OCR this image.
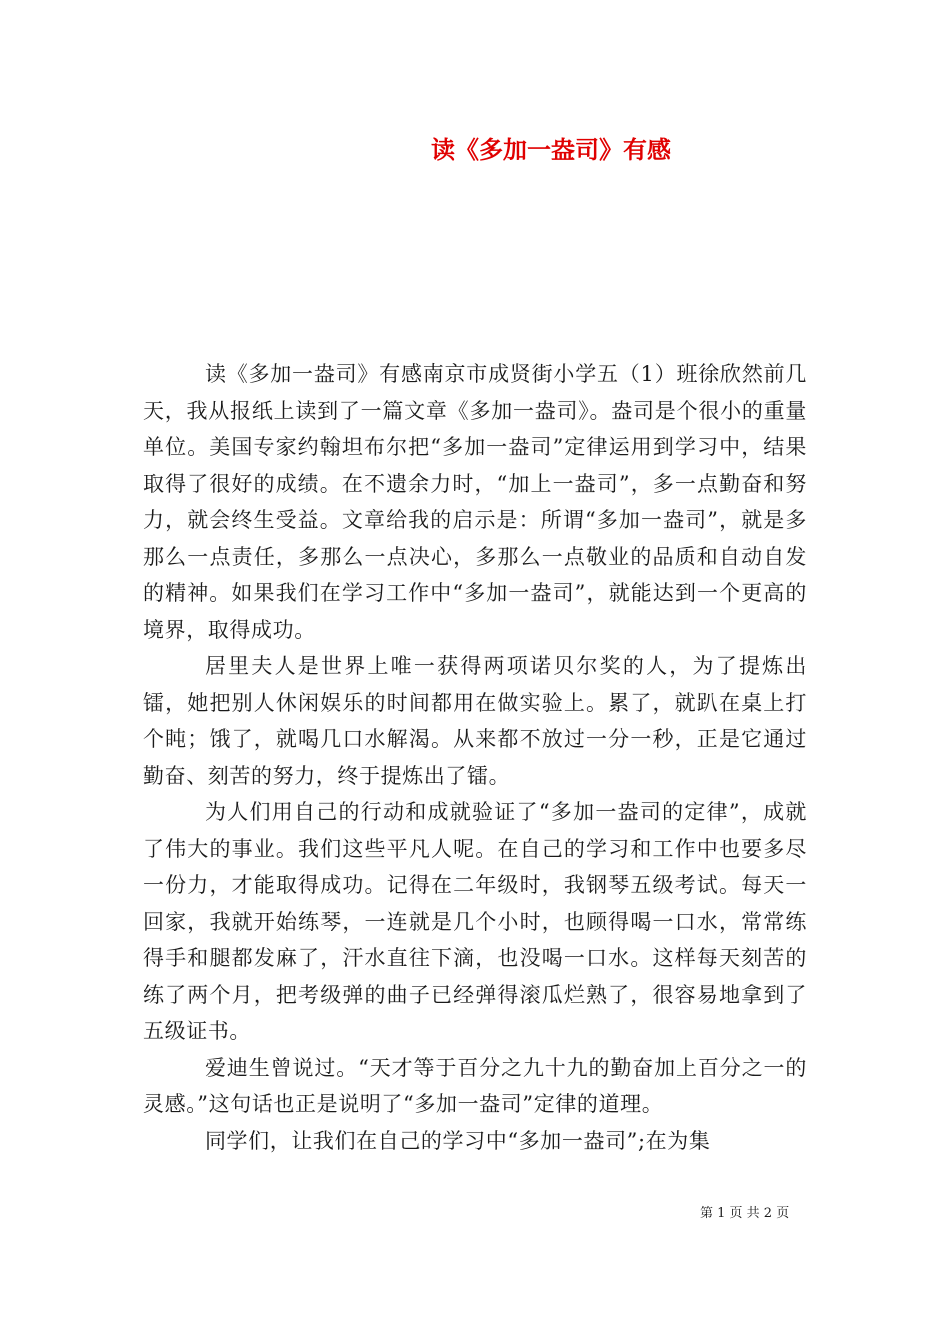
读《多加一盎司》有感

读《多加一盎司》有感南京市成贤街小学五（1）班徐欣然前几天，我从报纸上读到了一篇文章《多加一盎司》。盎司是个很小的重量单位。美国专家约翰坦布尔把“多加一盎司”定律运用到学习中，结果取得了很好的成绩。在不遗余力时，“加上一盎司”，多一点勤奋和努力，就会终生受益。文章给我的启示是：所谓“多加一盎司”，就是多那么一点责任，多那么一点决心，多那么一点敬业的品质和自动自发的精神。如果我们在学习工作中“多加一盎司”，就能达到一个更高的境界，取得成功。

居里夫人是世界上唯一获得两项诺贝尔奖的人，为了提炼出镭，她把别人休闲娱乐的时间都用在做实验上。累了，就趴在桌上打个盹；饿了，就喝几口水解渴。从来都不放过一分一秒，正是它通过勤奋、刻苦的努力，终于提炼出了镭。

为人们用自己的行动和成就验证了“多加一盎司的定律”，成就了伟大的事业。我们这些平凡人呢。在自己的学习和工作中也要多尽一份力，才能取得成功。记得在二年级时，我钢琴五级考试。每天一回家，我就开始练琴，一连就是几个小时，也顾得喝一口水，常常练得手和腿都发麻了，汗水直往下滴，也没喝一口水。这样每天刻苦的练了两个月，把考级弹的曲子已经弹得滚瓜烂熟了，很容易地拿到了五级证书。

爱迪生曾说过。“天才等于百分之九十九的勤奋加上百分之一的灵感。”这句话也正是说明了“多加一盎司”定律的道理。

同学们，让我们在自己的学习中“多加一盎司”;在为集

第 1 页 共 2 页
